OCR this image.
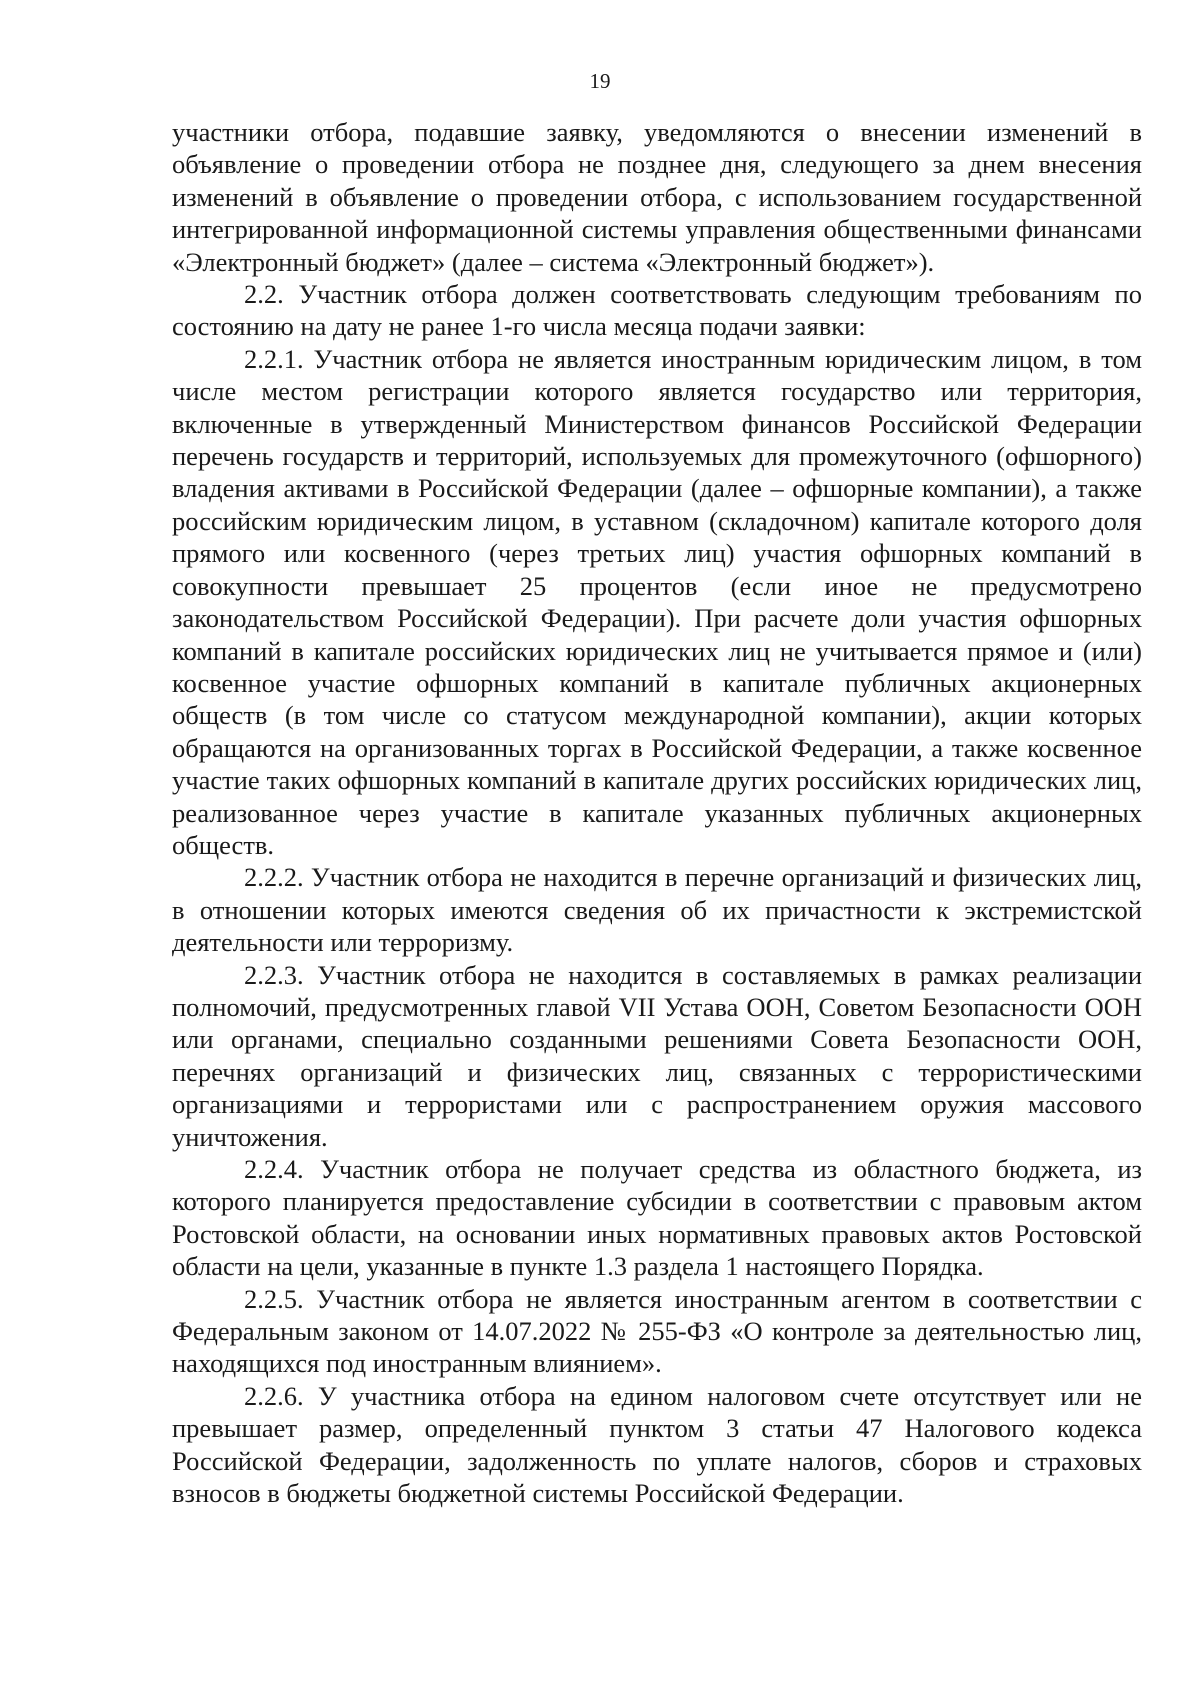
19

участники отбора, подавшие заявку, уведомляются о внесении изменений в объявление о проведении отбора не позднее дня, следующего за днем внесения изменений в объявление о проведении отбора, с использованием государственной интегрированной информационной системы управления общественными финансами «Электронный бюджет» (далее – система «Электронный бюджет»).

2.2. Участник отбора должен соответствовать следующим требованиям по состоянию на дату не ранее 1-го числа месяца подачи заявки:

2.2.1. Участник отбора не является иностранным юридическим лицом, в том числе местом регистрации которого является государство или территория, включенные в утвержденный Министерством финансов Российской Федерации перечень государств и территорий, используемых для промежуточного (офшорного) владения активами в Российской Федерации (далее – офшорные компании), а также российским юридическим лицом, в уставном (складочном) капитале которого доля прямого или косвенного (через третьих лиц) участия офшорных компаний в совокупности превышает 25 процентов (если иное не предусмотрено законодательством Российской Федерации). При расчете доли участия офшорных компаний в капитале российских юридических лиц не учитывается прямое и (или) косвенное участие офшорных компаний в капитале публичных акционерных обществ (в том числе со статусом международной компании), акции которых обращаются на организованных торгах в Российской Федерации, а также косвенное участие таких офшорных компаний в капитале других российских юридических лиц, реализованное через участие в капитале указанных публичных акционерных обществ.

2.2.2. Участник отбора не находится в перечне организаций и физических лиц, в отношении которых имеются сведения об их причастности к экстремистской деятельности или терроризму.

2.2.3. Участник отбора не находится в составляемых в рамках реализации полномочий, предусмотренных главой VII Устава ООН, Советом Безопасности ООН или органами, специально созданными решениями Совета Безопасности ООН, перечнях организаций и физических лиц, связанных с террористическими организациями и террористами или с распространением оружия массового уничтожения.

2.2.4. Участник отбора не получает средства из областного бюджета, из которого планируется предоставление субсидии в соответствии с правовым актом Ростовской области, на основании иных нормативных правовых актов Ростовской области на цели, указанные в пункте 1.3 раздела 1 настоящего Порядка.

2.2.5. Участник отбора не является иностранным агентом в соответствии с Федеральным законом от 14.07.2022 № 255-ФЗ «О контроле за деятельностью лиц, находящихся под иностранным влиянием».

2.2.6. У участника отбора на едином налоговом счете отсутствует или не превышает размер, определенный пунктом 3 статьи 47 Налогового кодекса Российской Федерации, задолженность по уплате налогов, сборов и страховых взносов в бюджеты бюджетной системы Российской Федерации.
